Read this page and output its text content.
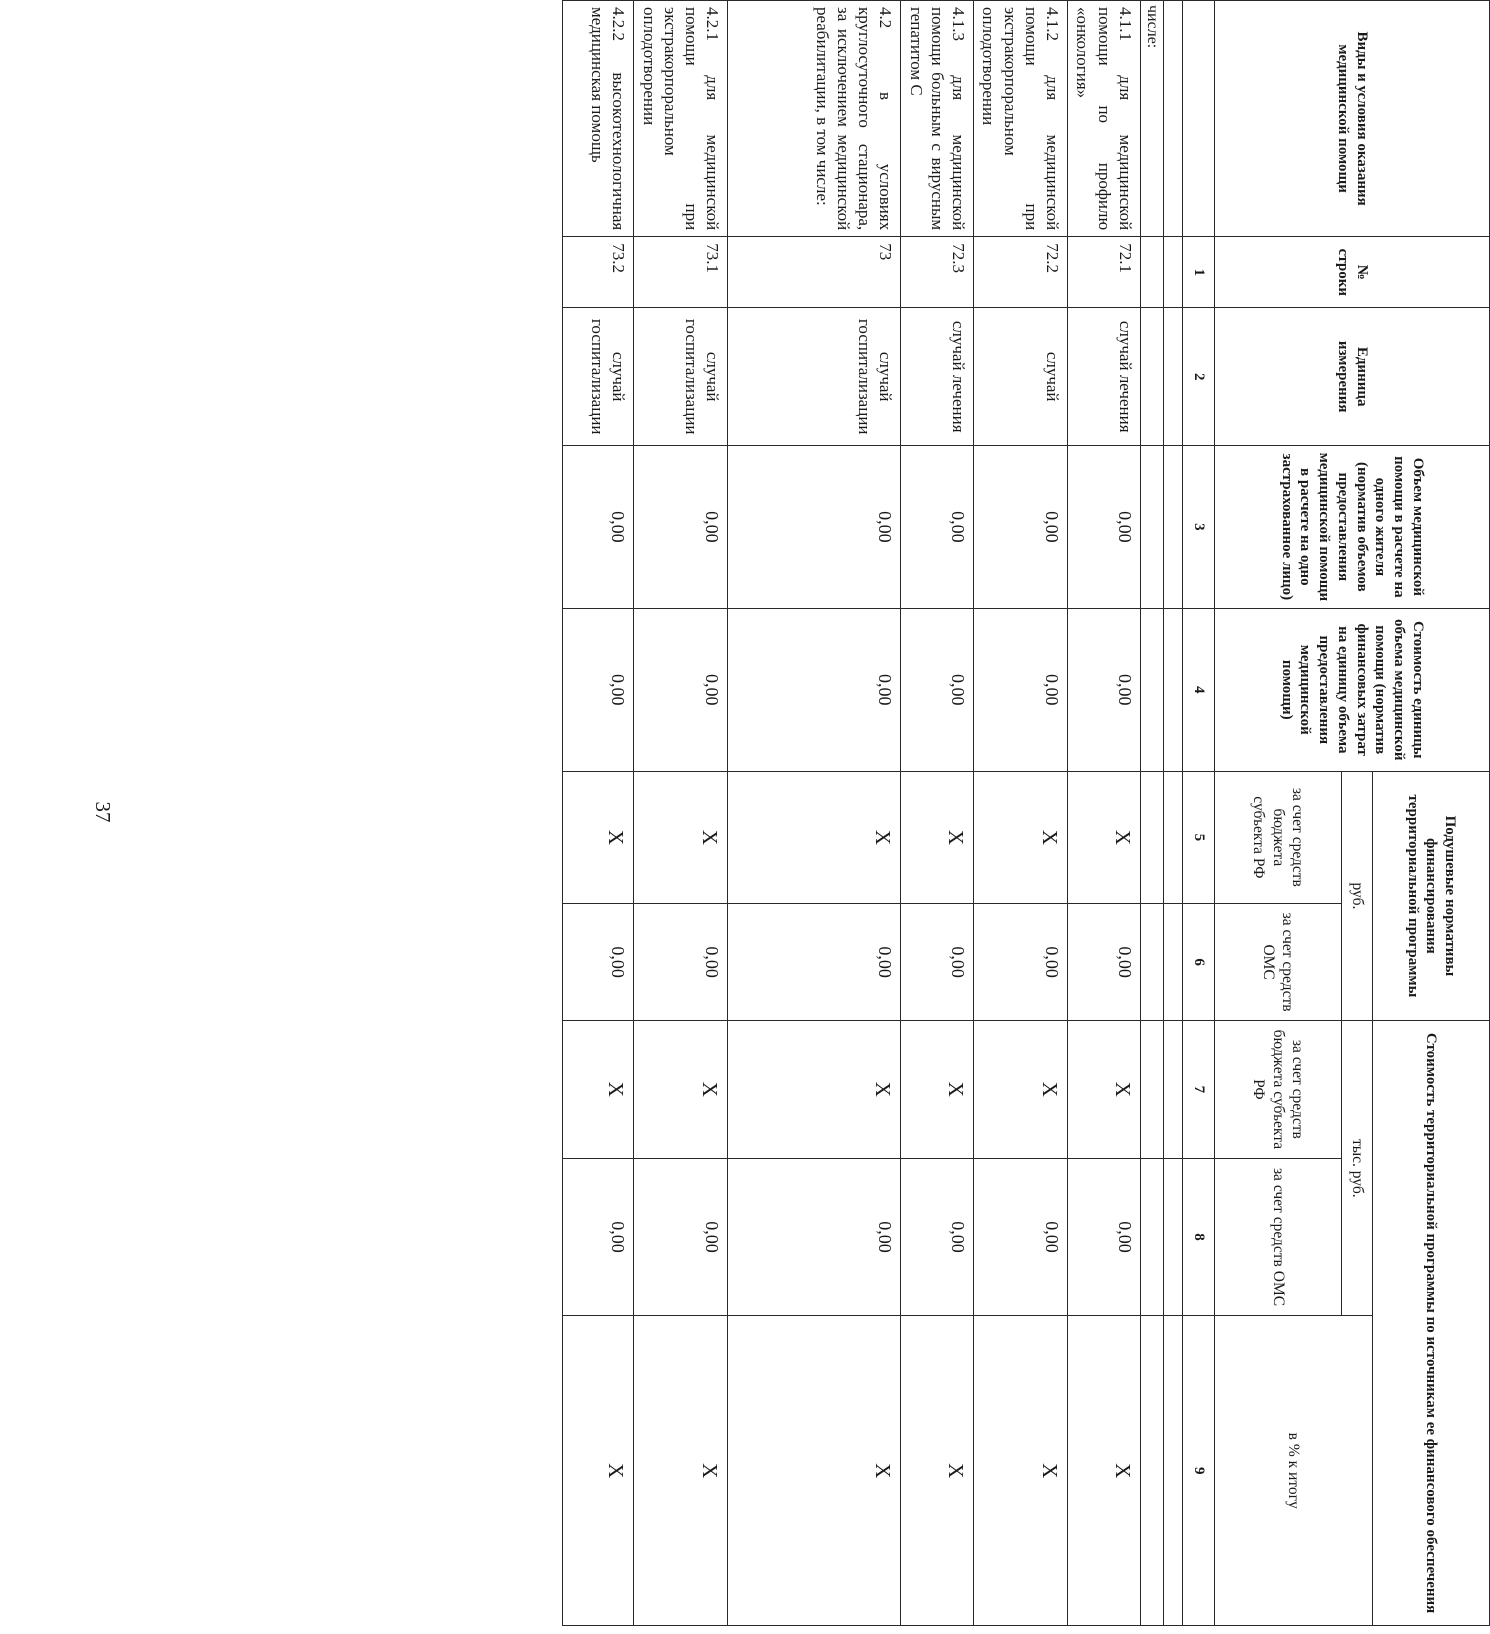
37
Виды и условия оказания медицинской помощи	№ строки	Единица измерения	Объем медицинской помощи в расчете на одного жителя (норматив объемов предоставления медицинской помощи в расчете на одно застрахованное лицо)	Стоимость единицы объема медицинской помощи (норматив финансовых затрат на единицу объема предоставления медицинской помощи)	Подушевые нормативы финансирования территориальной программы		Стоимость территориальной программы по источникам ее финансового обеспечения		
					руб.		тыс. руб.		в % к итогу
					за счет средств бюджета субъекта РФ	за счет средств ОМС	за счет средств бюджета субъекта РФ	за счет средств ОМС	
	1	2	3	4	5	6	7	8	9

числе:									
4.1.1 для медицинской помощи по профилю «онкология»	72.1	случай лечения	0,00	0,00	X	0,00	X	0,00	X
4.1.2 для медицинской помощи при экстракорпоральном оплодотворении	72.2	случай	0,00	0,00	X	0,00	X	0,00	X
4.1.3 для медицинской помощи больным с вирусным гепатитом С	72.3	случай лечения	0,00	0,00	X	0,00	X	0,00	X
4.2 в условиях круглосуточного стационара, за исключением медицинской реабилитации, в том числе:	73	случай госпитализации	0,00	0,00	X	0,00	X	0,00	X
4.2.1 для медицинской помощи при экстракорпоральном оплодотворении	73.1	случай госпитализации	0,00	0,00	X	0,00	X	0,00	X
4.2.2 высокотехнологичная медицинская помощь	73.2	случай госпитализации	0,00	0,00	X	0,00	X	0,00	X
